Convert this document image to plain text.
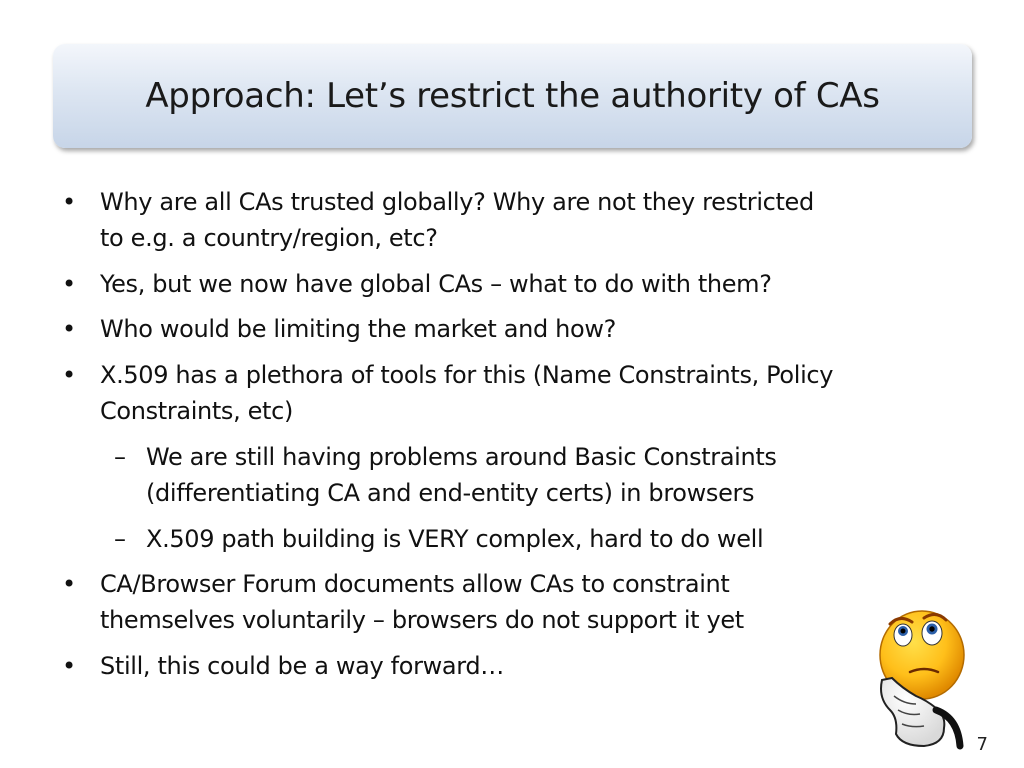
Approach: Let’s restrict the authority of CAs
• Why are all CAs trusted globally? Why are not they restricted
to e.g. a country/region, etc?
• Yes, but we now have global CAs – what to do with them?
• Who would be limiting the market and how?
• X.509 has a plethora of tools for this (Name Constraints, Policy
Constraints, etc)
– We are still having problems around Basic Constraints
(differentiating CA and end-entity certs) in browsers
– X.509 path building is VERY complex, hard to do well
• CA/Browser Forum documents allow CAs to constraint
themselves voluntarily – browsers do not support it yet
• Still, this could be a way forward…
7
